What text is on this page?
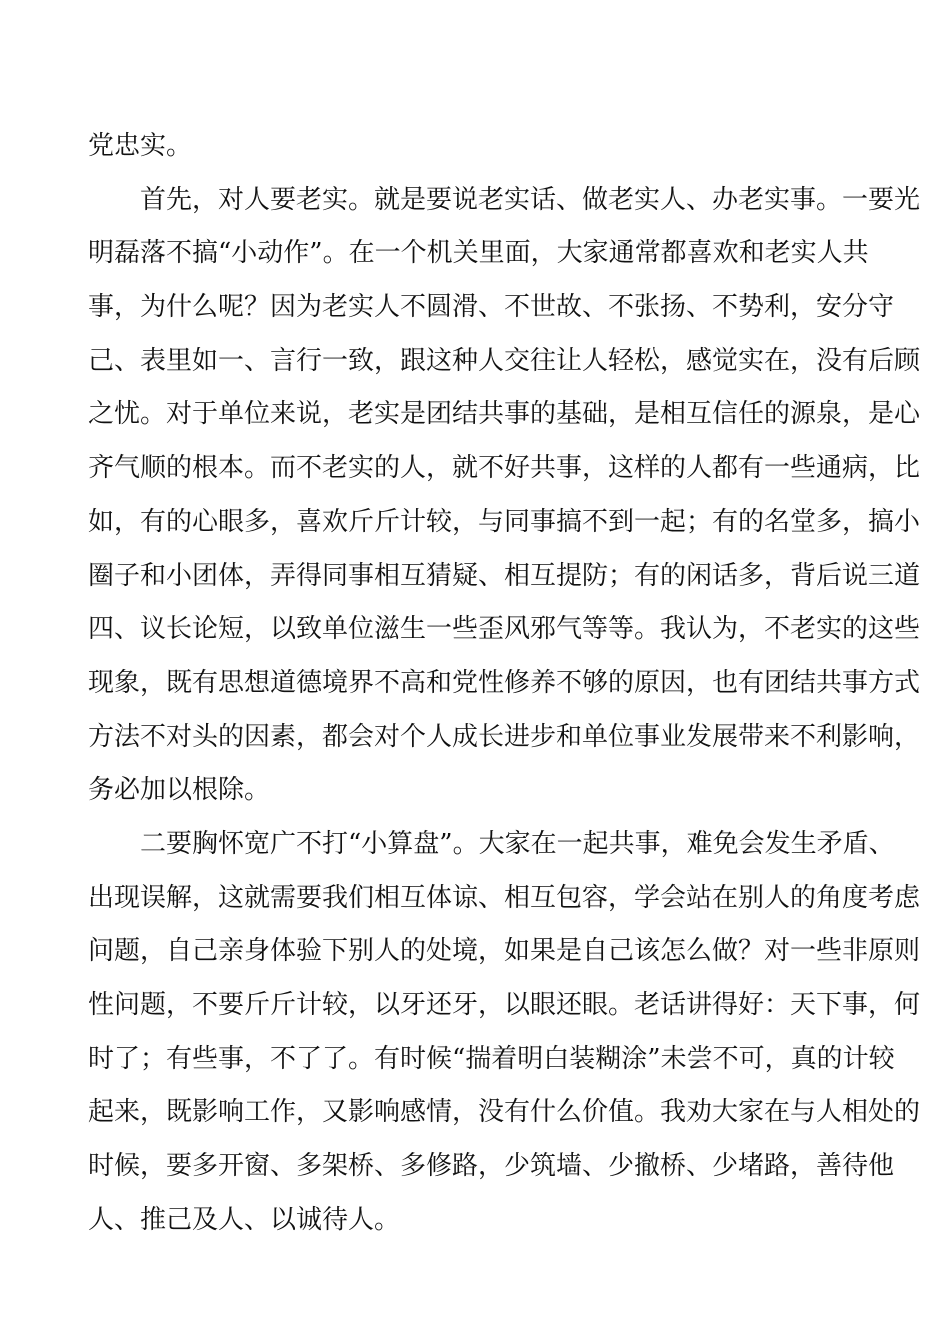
党忠实。
首先，对人要老实。就是要说老实话、做老实人、办老实事。一要光
明磊落不搞“小动作”。在一个机关里面，大家通常都喜欢和老实人共
事，为什么呢？因为老实人不圆滑、不世故、不张扬、不势利，安分守
己、表里如一、言行一致，跟这种人交往让人轻松，感觉实在，没有后顾
之忧。对于单位来说，老实是团结共事的基础，是相互信任的源泉，是心
齐气顺的根本。而不老实的人，就不好共事，这样的人都有一些通病，比
如，有的心眼多，喜欢斤斤计较，与同事搞不到一起；有的名堂多，搞小
圈子和小团体，弄得同事相互猜疑、相互提防；有的闲话多，背后说三道
四、议长论短，以致单位滋生一些歪风邪气等等。我认为，不老实的这些
现象，既有思想道德境界不高和党性修养不够的原因，也有团结共事方式
方法不对头的因素，都会对个人成长进步和单位事业发展带来不利影响，
务必加以根除。
二要胸怀宽广不打“小算盘”。大家在一起共事，难免会发生矛盾、
出现误解，这就需要我们相互体谅、相互包容，学会站在别人的角度考虑
问题，自己亲身体验下别人的处境，如果是自己该怎么做？对一些非原则
性问题，不要斤斤计较，以牙还牙，以眼还眼。老话讲得好：天下事，何
时了；有些事，不了了。有时候“揣着明白装糊涂”未尝不可，真的计较
起来，既影响工作，又影响感情，没有什么价值。我劝大家在与人相处的
时候，要多开窗、多架桥、多修路，少筑墙、少撤桥、少堵路，善待他
人、推己及人、以诚待人。
